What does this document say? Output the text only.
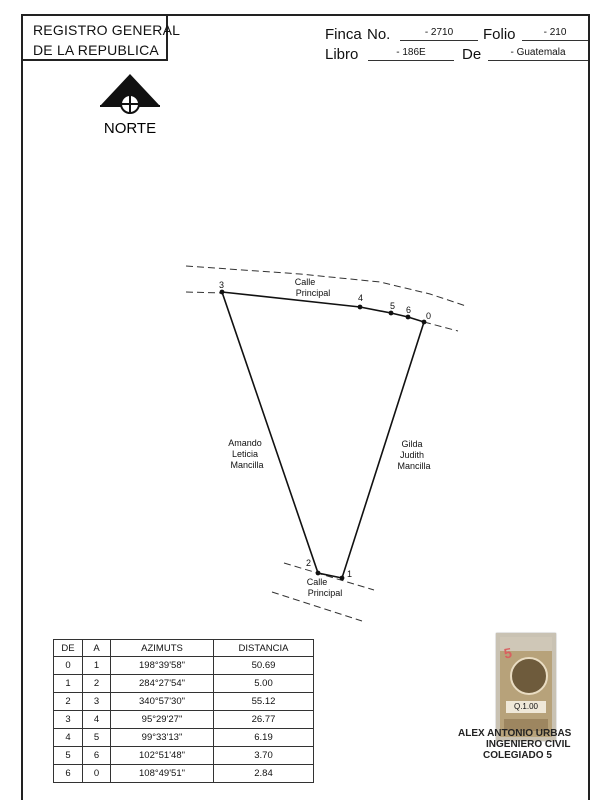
REGISTRO GENERAL
DE LA REPUBLICA
Finca No.	- 2710	Folio	- 210
Libro	- 186E	De	- Guatemala
NORTE
0
1
2
3
4
5 6
Calle
Principal
Calle
Principal
Amando
Leticia
Mancilla
Gilda
Judith
Mancilla
DE	A	AZIMUTS	DISTANCIA
0	1	198°39'58"	50.69
1	2	284°27'54"	5.00
2	3	340°57'30"	55.12
3	4	95°29'27"	26.77
4	5	99°33'13"	6.19
5	6	102°51'48"	3.70
6	0	108°49'51"	2.84
5
Q.1.00
ALEX ANTONIO URBAS
INGENIERO CIVIL
COLEGIADO 5
